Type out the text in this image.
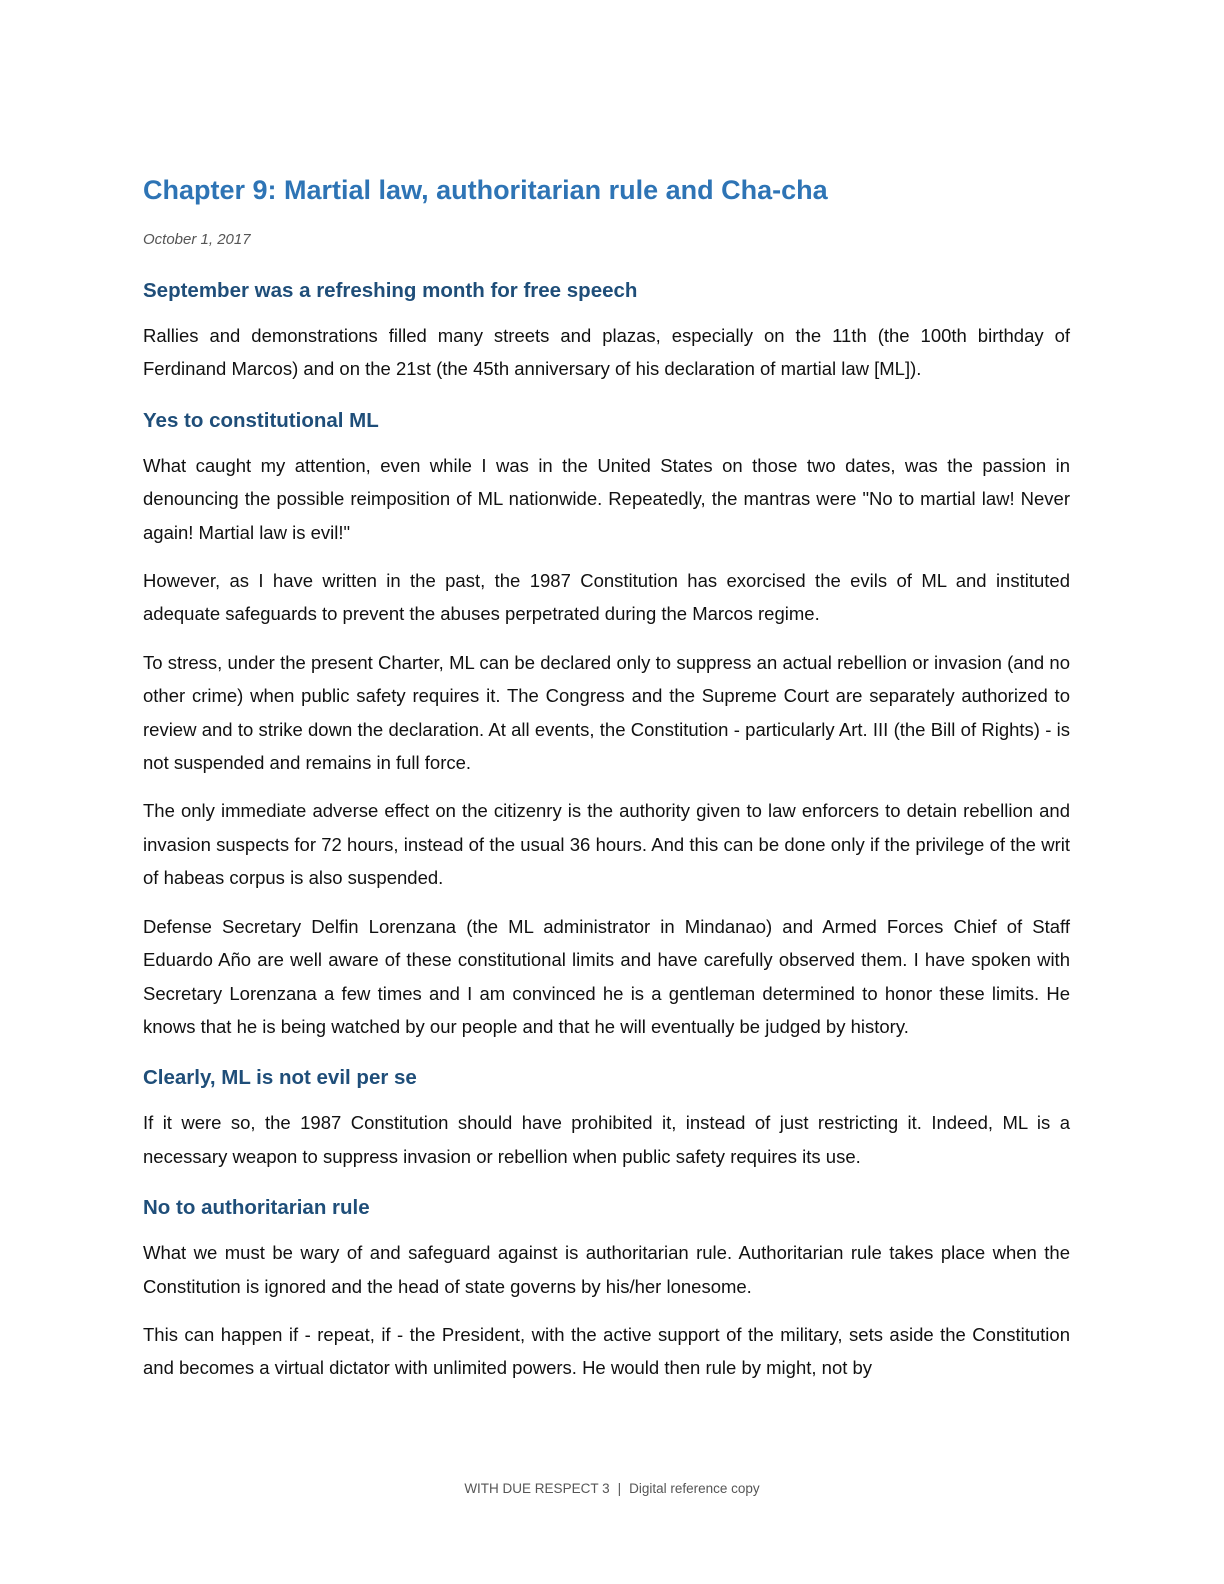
Chapter 9: Martial law, authoritarian rule and Cha-cha
October 1, 2017
September was a refreshing month for free speech

Rallies and demonstrations filled many streets and plazas, especially on the 11th (the 100th birthday of Ferdinand Marcos) and on the 21st (the 45th anniversary of his declaration of martial law [ML]).

Yes to constitutional ML

What caught my attention, even while I was in the United States on those two dates, was the passion in denouncing the possible reimposition of ML nationwide. Repeatedly, the mantras were "No to martial law! Never again! Martial law is evil!"

However, as I have written in the past, the 1987 Constitution has exorcised the evils of ML and instituted adequate safeguards to prevent the abuses perpetrated during the Marcos regime.

To stress, under the present Charter, ML can be declared only to suppress an actual rebellion or invasion (and no other crime) when public safety requires it. The Congress and the Supreme Court are separately authorized to review and to strike down the declaration. At all events, the Constitution - particularly Art. III (the Bill of Rights) - is not suspended and remains in full force.

The only immediate adverse effect on the citizenry is the authority given to law enforcers to detain rebellion and invasion suspects for 72 hours, instead of the usual 36 hours. And this can be done only if the privilege of the writ of habeas corpus is also suspended.

Defense Secretary Delfin Lorenzana (the ML administrator in Mindanao) and Armed Forces Chief of Staff Eduardo Año are well aware of these constitutional limits and have carefully observed them. I have spoken with Secretary Lorenzana a few times and I am convinced he is a gentleman determined to honor these limits. He knows that he is being watched by our people and that he will eventually be judged by history.

Clearly, ML is not evil per se

If it were so, the 1987 Constitution should have prohibited it, instead of just restricting it. Indeed, ML is a necessary weapon to suppress invasion or rebellion when public safety requires its use.

No to authoritarian rule

What we must be wary of and safeguard against is authoritarian rule. Authoritarian rule takes place when the Constitution is ignored and the head of state governs by his/her lonesome.

This can happen if - repeat, if - the President, with the active support of the military, sets aside the Constitution and becomes a virtual dictator with unlimited powers. He would then rule by might, not by

WITH DUE RESPECT 3 | Digital reference copy
